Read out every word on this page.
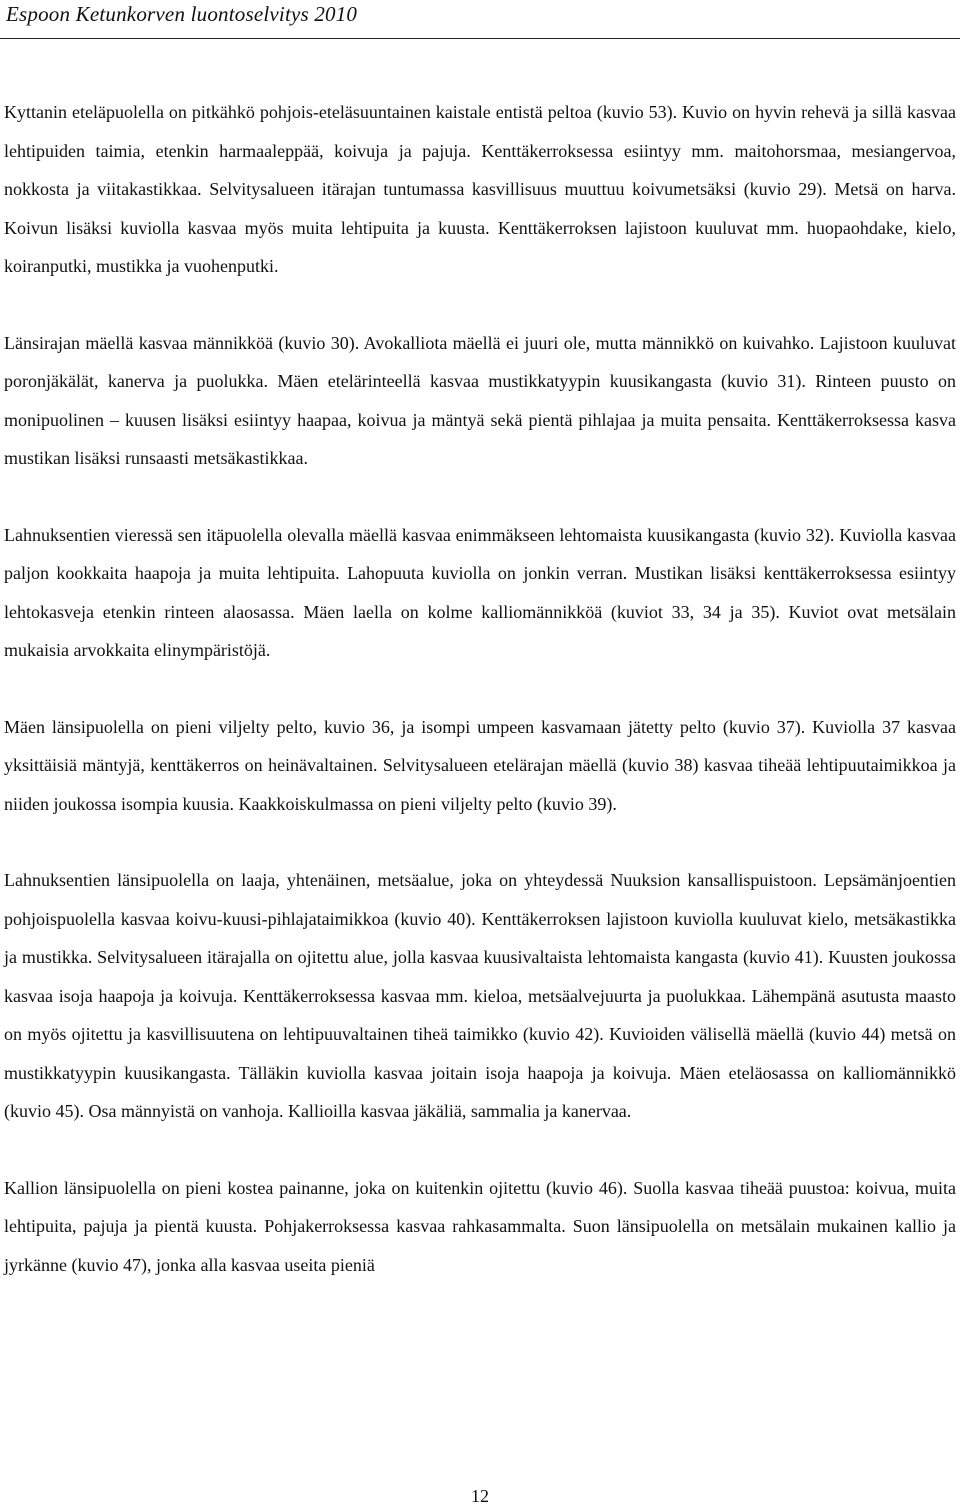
Espoon Ketunkorven luontoselvitys 2010

Kyttanin eteläpuolella on pitkähkö pohjois-eteläsuuntainen kaistale entistä peltoa (kuvio 53). Kuvio on hyvin rehevä ja sillä kasvaa lehtipuiden taimia, etenkin harmaaleppää, koivuja ja pajuja. Kenttäkerroksessa esiintyy mm. maitohorsmaa, mesiangervoa, nokkosta ja viitakastikkaa. Selvitysalueen itärajan tuntumassa kasvillisuus muuttuu koivumetsäksi (kuvio 29). Metsä on harva. Koivun lisäksi kuviolla kasvaa myös muita lehtipuita ja kuusta. Kenttäkerroksen lajistoon kuuluvat mm. huopaohdake, kielo, koiranputki, mustikka ja vuohenputki.

Länsirajan mäellä kasvaa männikköä (kuvio 30). Avokalliota mäellä ei juuri ole, mutta männikkö on kuivahko. Lajistoon kuuluvat poronjäkälät, kanerva ja puolukka. Mäen etelärinteellä kasvaa mustikkatyypin kuusikangasta (kuvio 31). Rinteen puusto on monipuolinen – kuusen lisäksi esiintyy haapaa, koivua ja mäntyä sekä pientä pihlajaa ja muita pensaita. Kenttäkerroksessa kasva mustikan lisäksi runsaasti metsäkastikkaa.

Lahnuksentien vieressä sen itäpuolella olevalla mäellä kasvaa enimmäkseen lehtomaista kuusikangasta (kuvio 32). Kuviolla kasvaa paljon kookkaita haapoja ja muita lehtipuita. Lahopuuta kuviolla on jonkin verran. Mustikan lisäksi kenttäkerroksessa esiintyy lehtokasveja etenkin rinteen alaosassa. Mäen laella on kolme kalliomännikköä (kuviot 33, 34 ja 35). Kuviot ovat metsälain mukaisia arvokkaita elinympäristöjä.

Mäen länsipuolella on pieni viljelty pelto, kuvio 36, ja isompi umpeen kasvamaan jätetty pelto (kuvio 37). Kuviolla 37 kasvaa yksittäisiä mäntyjä, kenttäkerros on heinävaltainen. Selvitysalueen etelärajan mäellä (kuvio 38) kasvaa tiheää lehtipuutaimikkoa ja niiden joukossa isompia kuusia. Kaakkoiskulmassa on pieni viljelty pelto (kuvio 39).

Lahnuksentien länsipuolella on laaja, yhtenäinen, metsäalue, joka on yhteydessä Nuuksion kansallispuistoon. Lepsämänjoentien pohjoispuolella kasvaa koivu-kuusi-pihlajataimikkoa (kuvio 40). Kenttäkerroksen lajistoon kuviolla kuuluvat kielo, metsäkastikka ja mustikka. Selvitysalueen itärajalla on ojitettu alue, jolla kasvaa kuusivaltaista lehtomaista kangasta (kuvio 41). Kuusten joukossa kasvaa isoja haapoja ja koivuja. Kenttäkerroksessa kasvaa mm. kieloa, metsäalvejuurta ja puolukkaa. Lähempänä asutusta maasto on myös ojitettu ja kasvillisuutena on lehtipuuvaltainen tiheä taimikko (kuvio 42). Kuvioiden välisellä mäellä (kuvio 44) metsä on mustikkatyypin kuusikangasta. Tälläkin kuviolla kasvaa joitain isoja haapoja ja koivuja. Mäen eteläosassa on kalliomännikkö (kuvio 45). Osa männyistä on vanhoja. Kallioilla kasvaa jäkäliä, sammalia ja kanervaa.

Kallion länsipuolella on pieni kostea painanne, joka on kuitenkin ojitettu (kuvio 46). Suolla kasvaa tiheää puustoa: koivua, muita lehtipuita, pajuja ja pientä kuusta. Pohjakerroksessa kasvaa rahkasammalta. Suon länsipuolella on metsälain mukainen kallio ja jyrkänne (kuvio 47), jonka alla kasvaa useita pieniä

12
